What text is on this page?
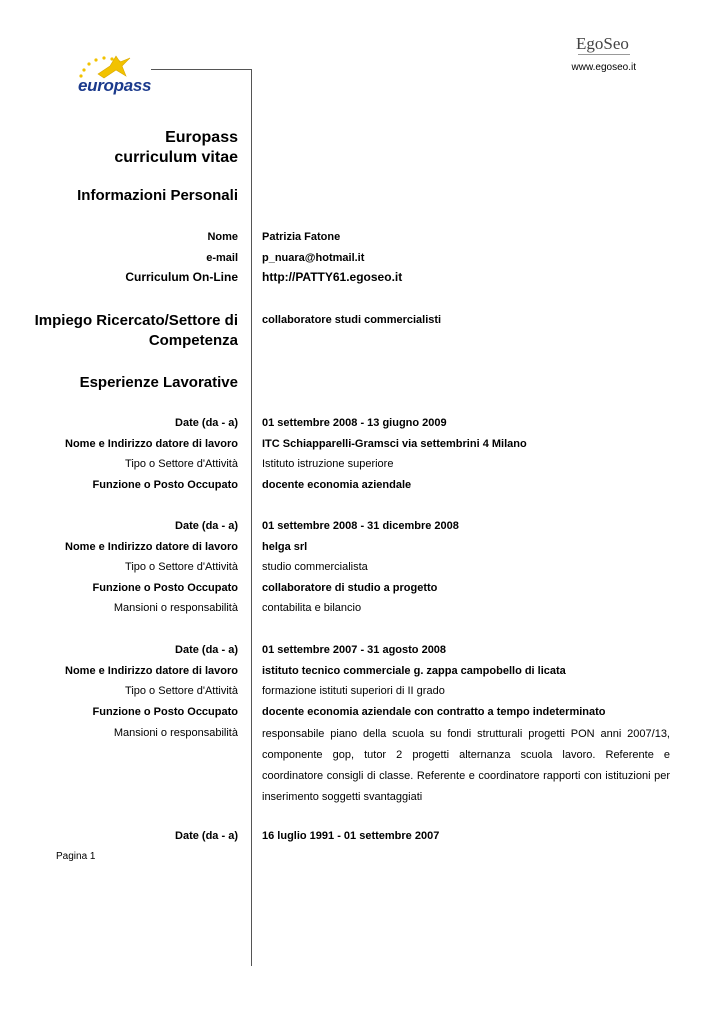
europass
EgoSeo
www.egoseo.it
Europass
curriculum vitae
Informazioni Personali
Nome Patrizia Fatone
e-mail p_nuara@hotmail.it
Curriculum On-Line http://PATTY61.egoseo.it
Impiego Ricercato/Settore di
Competenza
collaboratore studi commercialisti
Esperienze Lavorative
Date (da - a) 01 settembre 2008 - 13 giugno 2009
Nome e Indirizzo datore di lavoro ITC Schiapparelli-Gramsci via settembrini 4 Milano
Tipo o Settore d'Attività Istituto istruzione superiore
Funzione o Posto Occupato docente economia aziendale
Date (da - a) 01 settembre 2008 - 31 dicembre 2008
Nome e Indirizzo datore di lavoro helga srl
Tipo o Settore d'Attività studio commercialista
Funzione o Posto Occupato collaboratore di studio a progetto
Mansioni o responsabilità contabilita e bilancio
Date (da - a) 01 settembre 2007 - 31 agosto 2008
Nome e Indirizzo datore di lavoro istituto tecnico commerciale g. zappa campobello di licata
Tipo o Settore d'Attività formazione istituti superiori di II grado
Funzione o Posto Occupato docente economia aziendale con contratto a tempo indeterminato
Mansioni o responsabilità responsabile piano della scuola su fondi strutturali progetti PON anni 2007/13, componente gop, tutor 2 progetti alternanza scuola lavoro. Referente e coordinatore consigli di classe. Referente e coordinatore rapporti con istituzioni per inserimento soggetti svantaggiati
Date (da - a) 16 luglio 1991 - 01 settembre 2007
Pagina 1
